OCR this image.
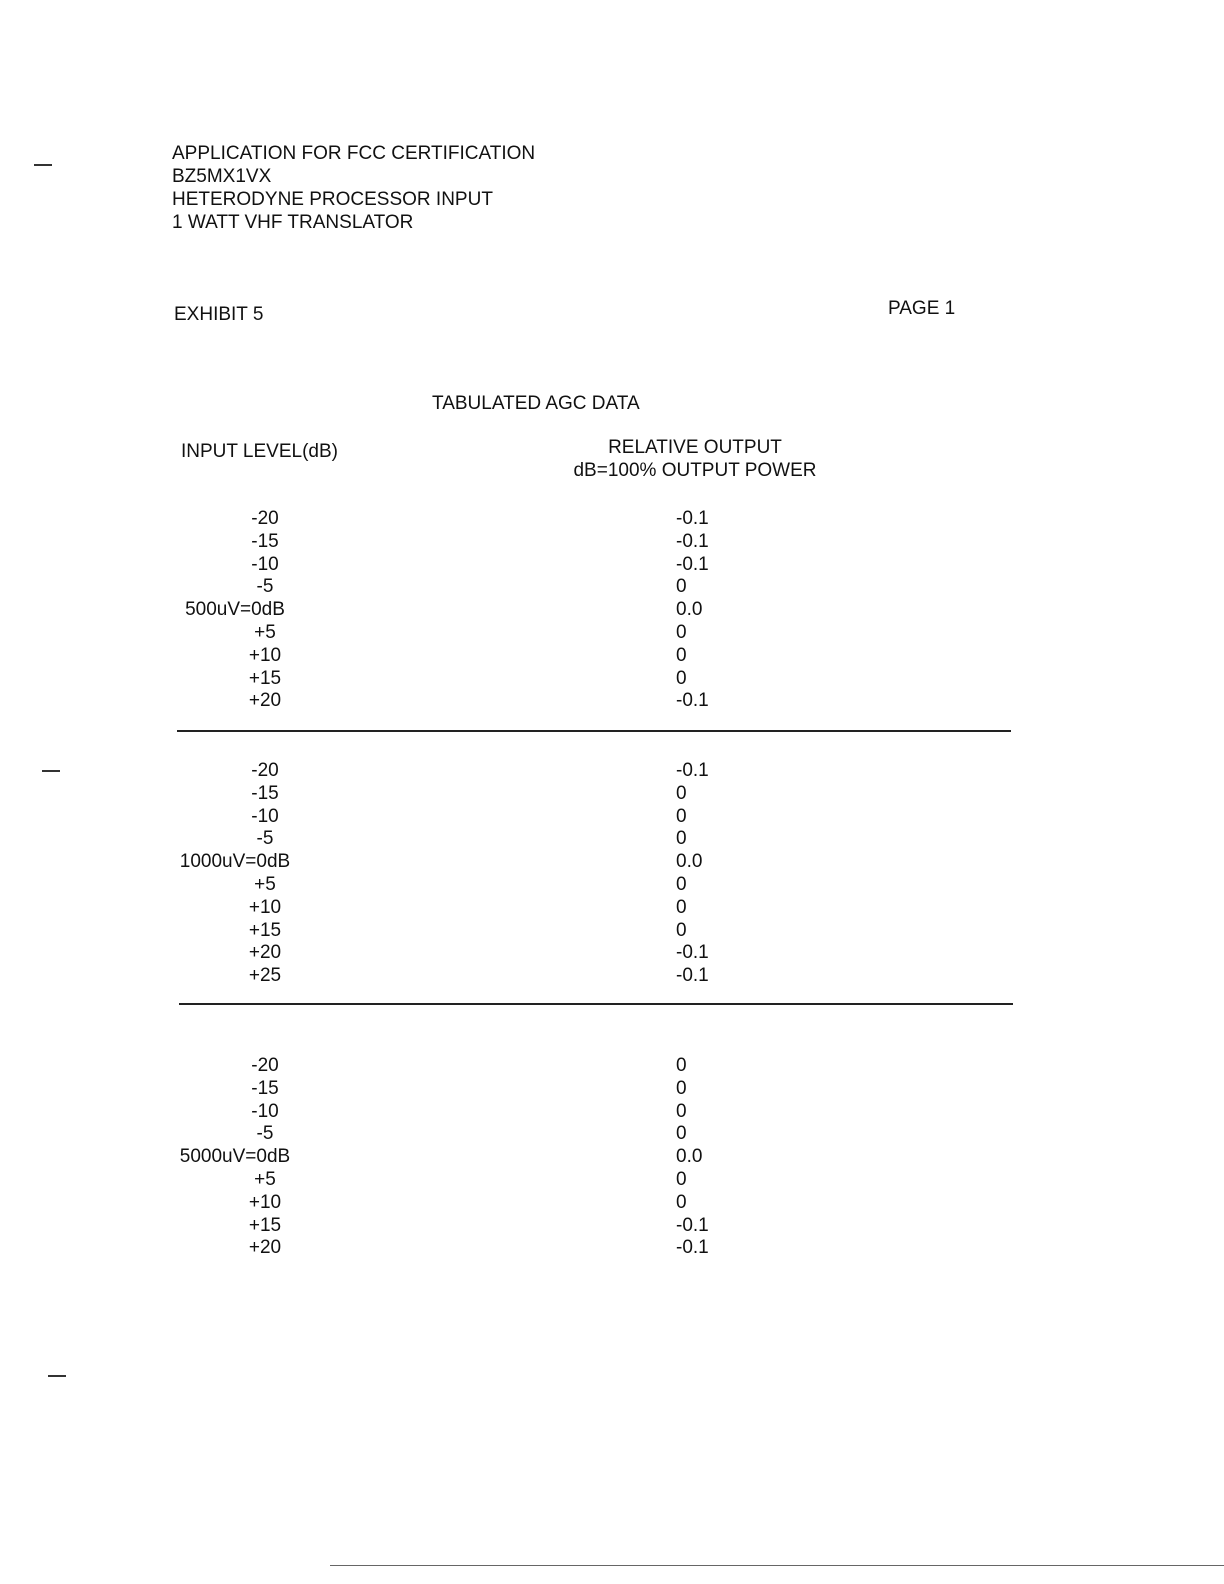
APPLICATION FOR FCC CERTIFICATION
BZ5MX1VX
HETERODYNE PROCESSOR INPUT
1 WATT VHF TRANSLATOR
EXHIBIT 5	PAGE 1
TABULATED AGC DATA
INPUT LEVEL(dB)	RELATIVE OUTPUT
dB=100% OUTPUT POWER
-20	-0.1
-15	-0.1
-10	-0.1
-5	0
500uV=0dB	0.0
+5	0
+10	0
+15	0
+20	-0.1
-20	-0.1
-15	0
-10	0
-5	0
1000uV=0dB	0.0
+5	0
+10	0
+15	0
+20	-0.1
+25	-0.1
-20	0
-15	0
-10	0
-5	0
5000uV=0dB	0.0
+5	0
+10	0
+15	-0.1
+20	-0.1
